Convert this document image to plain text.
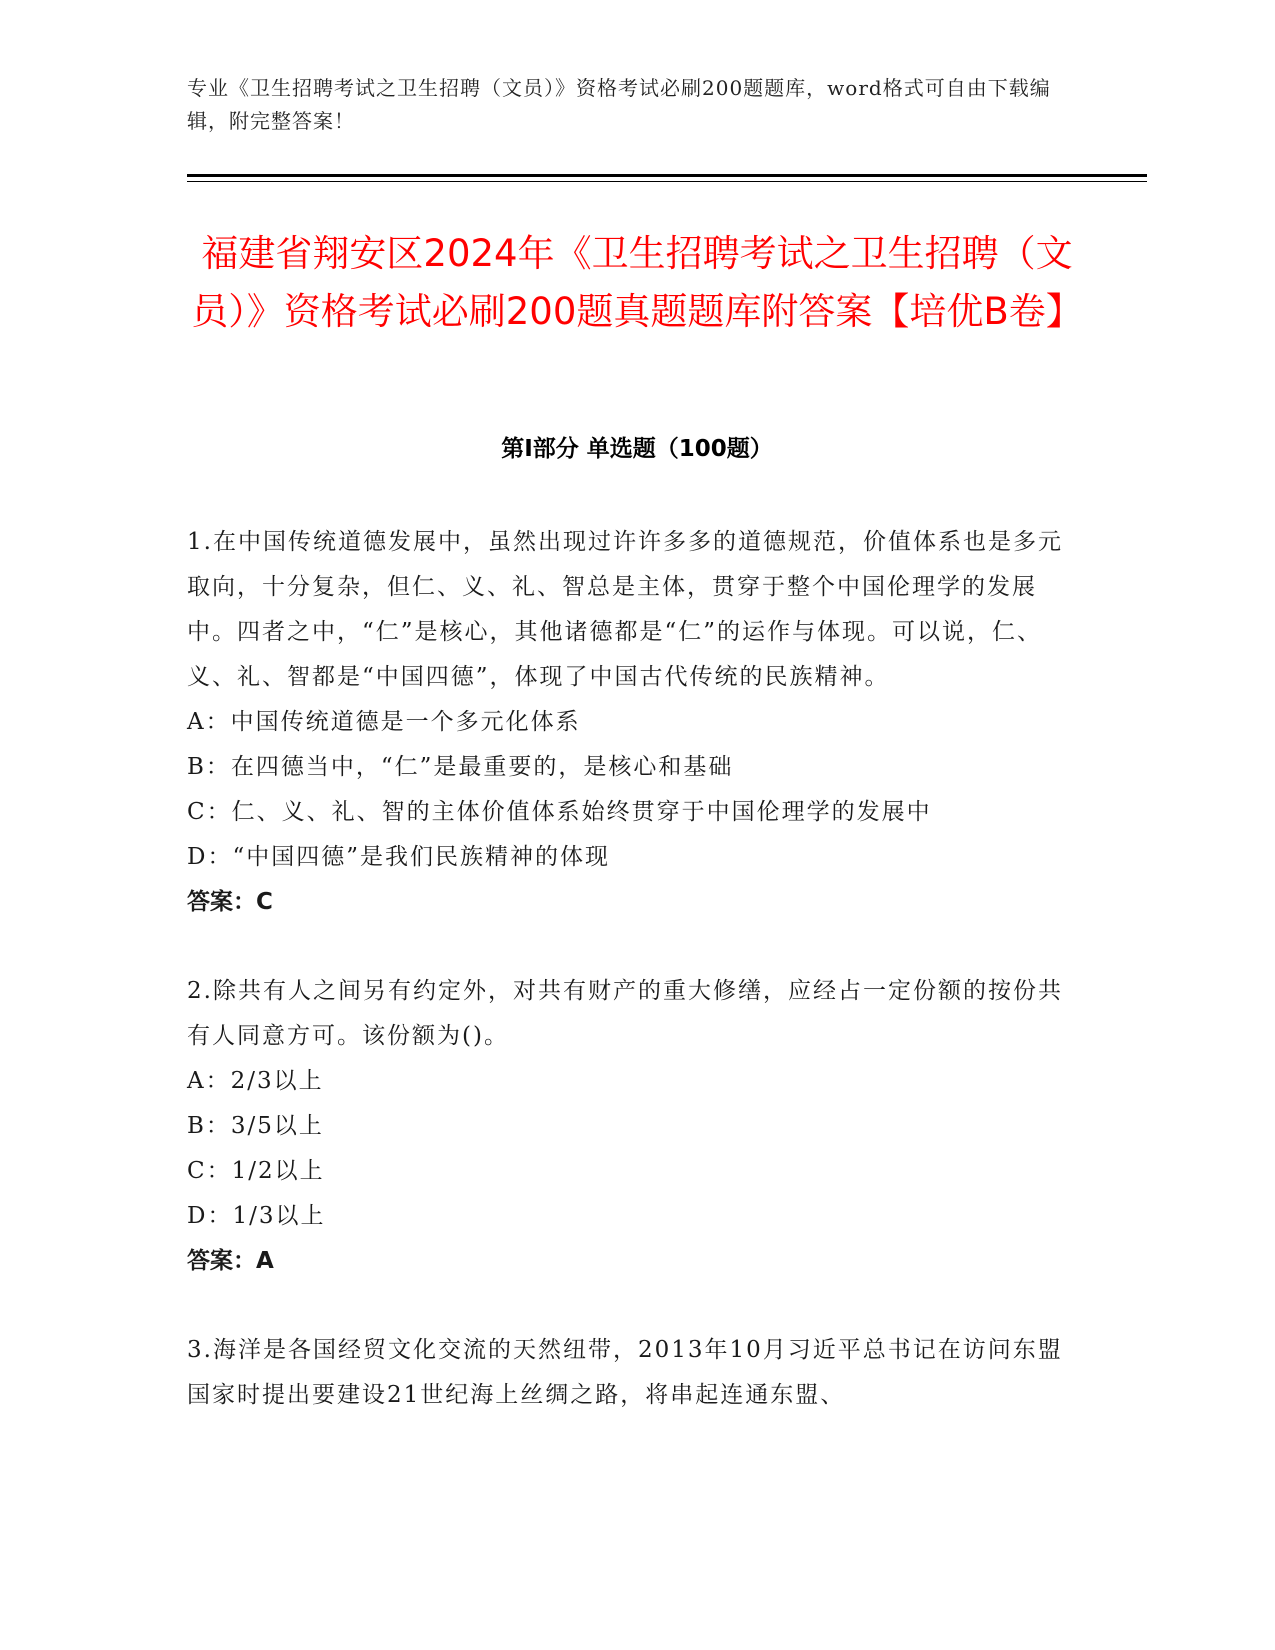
专业《卫生招聘考试之卫生招聘（文员）》资格考试必刷200题题库，word格式可自由下载编辑，附完整答案！
福建省翔安区2024年《卫生招聘考试之卫生招聘（文员）》资格考试必刷200题真题题库附答案【培优B卷】
第Ⅰ部分 单选题（100题）

1.在中国传统道德发展中，虽然出现过许许多多的道德规范，价值体系也是多元取向，十分复杂，但仁、义、礼、智总是主体，贯穿于整个中国伦理学的发展中。四者之中，“仁”是核心，其他诸德都是“仁”的运作与体现。可以说，仁、义、礼、智都是“中国四德”，体现了中国古代传统的民族精神。

A：中国传统道德是一个多元化体系

B：在四德当中，“仁”是最重要的，是核心和基础

C：仁、义、礼、智的主体价值体系始终贯穿于中国伦理学的发展中

D：“中国四德”是我们民族精神的体现

答案：C

2.除共有人之间另有约定外，对共有财产的重大修缮，应经占一定份额的按份共有人同意方可。该份额为()。

A：2/3以上

B：3/5以上

C：1/2以上

D：1/3以上

答案：A

3.海洋是各国经贸文化交流的天然纽带，2013年10月习近平总书记在访问东盟国家时提出要建设21世纪海上丝绸之路，将串起连通东盟、
